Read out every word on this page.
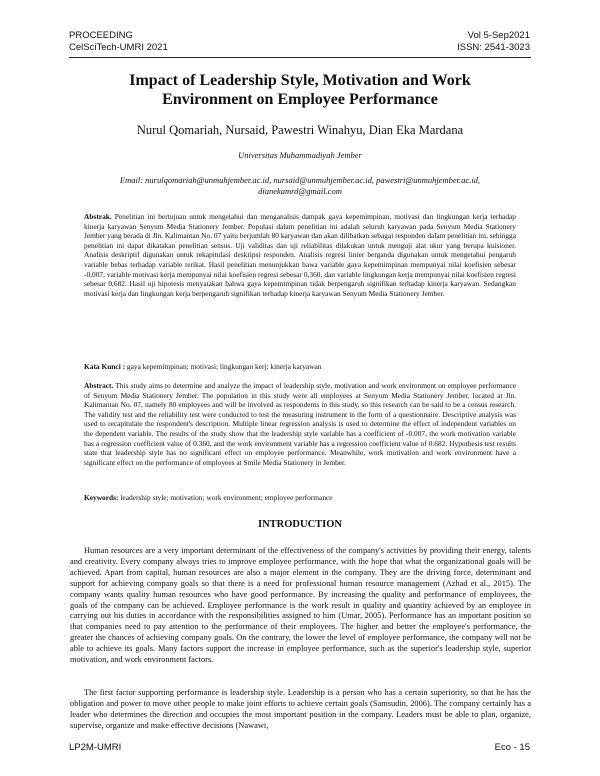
PROCEEDING
CelSciTech-UMRI 2021
Vol 5-Sep2021
ISSN: 2541-3023
Impact of Leadership Style, Motivation and Work
Environment on Employee Performance
Nurul Qomariah, Nursaid, Pawestri Winahyu, Dian Eka Mardana
Universitas Muhammadiyah Jember
Email: nurulqomariah@unmuhjember.ac.id, nursaid@unmuhjember.ac.id, pawestri@unmuhjember.ac.id,
dianekamrd@gmail.com
Abstrak. Penelitian ini bertujuan untuk mengetahui dan menganalisis dampak gaya kepemimpinan, motivasi dan lingkungan kerja terhadap kinerja karyawan Senyum Media Stationery Jember. Populasi dalam penelitian ini adalah seluruh karyawan pada Senyum Media Stationery Jember yang berada di Jln. Kalimantan No. 07 yaitu berjumlah 80 karyawan dan akan dilibatkan sebagai responden dalam penelitian ini, sehingga penelitian ini dapat dikatakan penelitian sensus. Uji validitas dan uji reliabilitas dilakukan untuk menguji alat ukur yang berupa kuisioner. Analisis deskriptif digunakan untuk rekapitulasi deskripsi responden. Analisis regresi linier berganda digunakan untuk mengetahui pengaruh variable bebas terhadap variable terikat. Hasil penelitian menunjukkan bawa variable gaya kepemimpinan mempunyai nilai koefisien sebesar -0,007, variable motivasi kerja mempunyai nilai koefisien regresi sebesar 0,360, dan variable lingkungan kerja mempunyai nilai koefisien regresi sebesar 0,682. Hasil uji hipotesis menyatakan bahwa gaya kepemimpinan tidak berpengaruh signifikan terhadap kinerja karyawan. Sedangkan motivasi kerja dan lingkungan kerja berpengaruh signifikan terhadap kinerja karyawan Senyum Media Stationery Jember.
Kata Kunci : gaya kepemimpinan; motivasi; lingkungan kerj; kinerja karyawan
Abstract. This study aims to determine and analyze the impact of leadership style, motivation and work environment on employee performance of Senyum Media Stationery Jember. The population in this study were all employees at Senyum Media Stationery Jember, located at Jln. Kalimantan No. 07, namely 80 employees and will be involved as respondents in this study, so this research can be said to be a census research. The validity test and the reliability test were conducted to test the measuring instrument in the form of a questionnaire. Descriptive analysis was used to recapitulate the respondent's description. Multiple linear regression analysis is used to determine the effect of independent variables on the dependent variable. The results of the study show that the leadership style variable has a coefficient of -0.007, the work motivation variable has a regression coefficient value of 0.360, and the work environment variable has a regression coefficient value of 0.682. Hypothesis test results state that leadership style has no significant effect on employee performance. Meanwhile, work motivation and work environment have a significant effect on the performance of employees at Smile Media Stationery in Jember.
Keywords: leadership style; motivation; work environment; employee performance
INTRODUCTION
Human resources are a very important determinant of the effectiveness of the company's activities by providing their energy, talents and creativity. Every company always tries to improve employee performance, with the hope that what the organizational goals will be achieved. Apart from capital, human resources are also a major element in the company. They are the driving force, determinant and support for achieving company goals so that there is a need for professional human resource management (Azhad et al., 2015). The company wants quality human resources who have good performance. By increasing the quality and performance of employees, the goals of the company can be achieved. Employee performance is the work result in quality and quantity achieved by an employee in carrying out his duties in accordance with the responsibilities assigned to him (Umar, 2005). Performance has an important position so that companies need to pay attention to the performance of their employees. The higher and better the employee's performance, the greater the chances of achieving company goals. On the contrary, the lower the level of employee performance, the company will not be able to achieve its goals. Many factors support the increase in employee performance, such as the superior's leadership style, superior motivation, and work environment factors.
The first factor supporting performance is leadership style. Leadership is a person who has a certain superiority, so that he has the obligation and power to move other people to make joint efforts to achieve certain goals (Samsudin, 2006). The company certainly has a leader who determines the direction and occupies the most important position in the company. Leaders must be able to plan, organize, supervise, organize and make effective decisions (Nawawi,
LP2M-UMRI	Eco - 15
